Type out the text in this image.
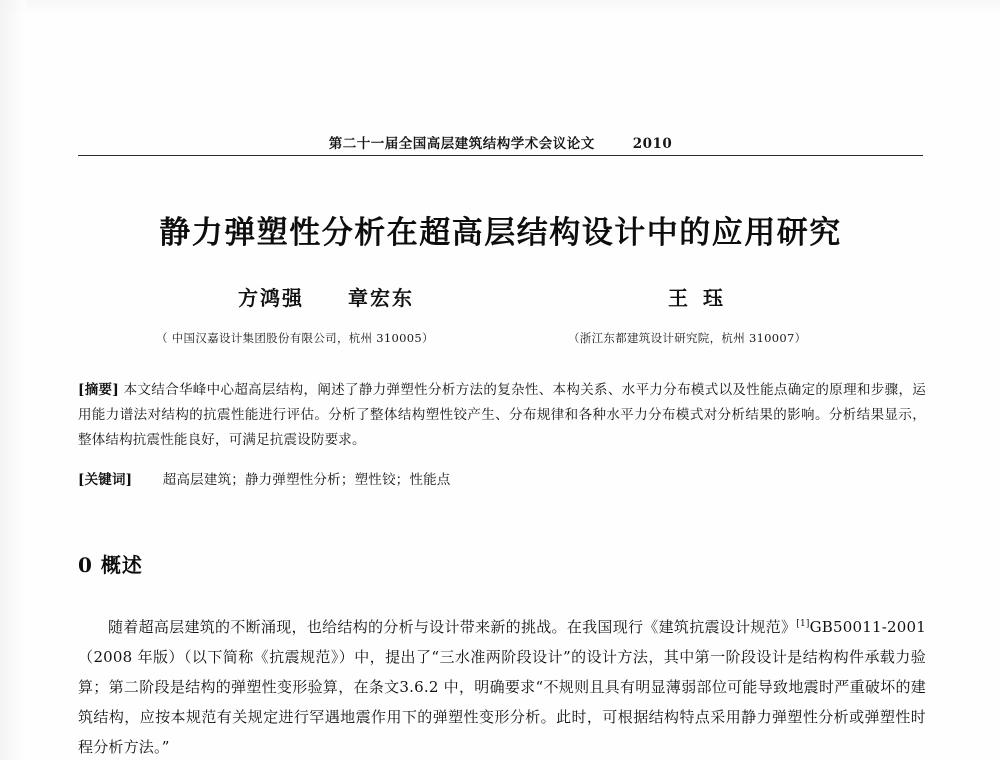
第二十一届全国高层建筑结构学术会议论文	2010
静力弹塑性分析在超高层结构设计中的应用研究
方鸿强　　章宏东	王 珏
（ 中国汉嘉设计集团股份有限公司，杭州 310005）	（浙江东都建筑设计研究院，杭州 310007）
[摘要] 本文结合华峰中心超高层结构，阐述了静力弹塑性分析方法的复杂性、本构关系、水平力分布模式以及性能点确定的原理和步骤，运用能力谱法对结构的抗震性能进行评估。分析了整体结构塑性铰产生、分布规律和各种水平力分布模式对分析结果的影响。分析结果显示，整体结构抗震性能良好，可满足抗震设防要求。
[关键词] 超高层建筑；静力弹塑性分析；塑性铰；性能点
0 概述

随着超高层建筑的不断涌现，也给结构的分析与设计带来新的挑战。在我国现行《建筑抗震设计规范》[1]GB50011-2001（2008 年版）（以下简称《抗震规范》）中，提出了“三水准两阶段设计”的设计方法，其中第一阶段设计是结构构件承载力验算；第二阶段是结构的弹塑性变形验算，在条文3.6.2 中，明确要求“不规则且具有明显薄弱部位可能导致地震时严重破坏的建筑结构，应按本规范有关规定进行罕遇地震作用下的弹塑性变形分析。此时，可根据结构特点采用静力弹塑性分析或弹塑性时程分析方法。”
